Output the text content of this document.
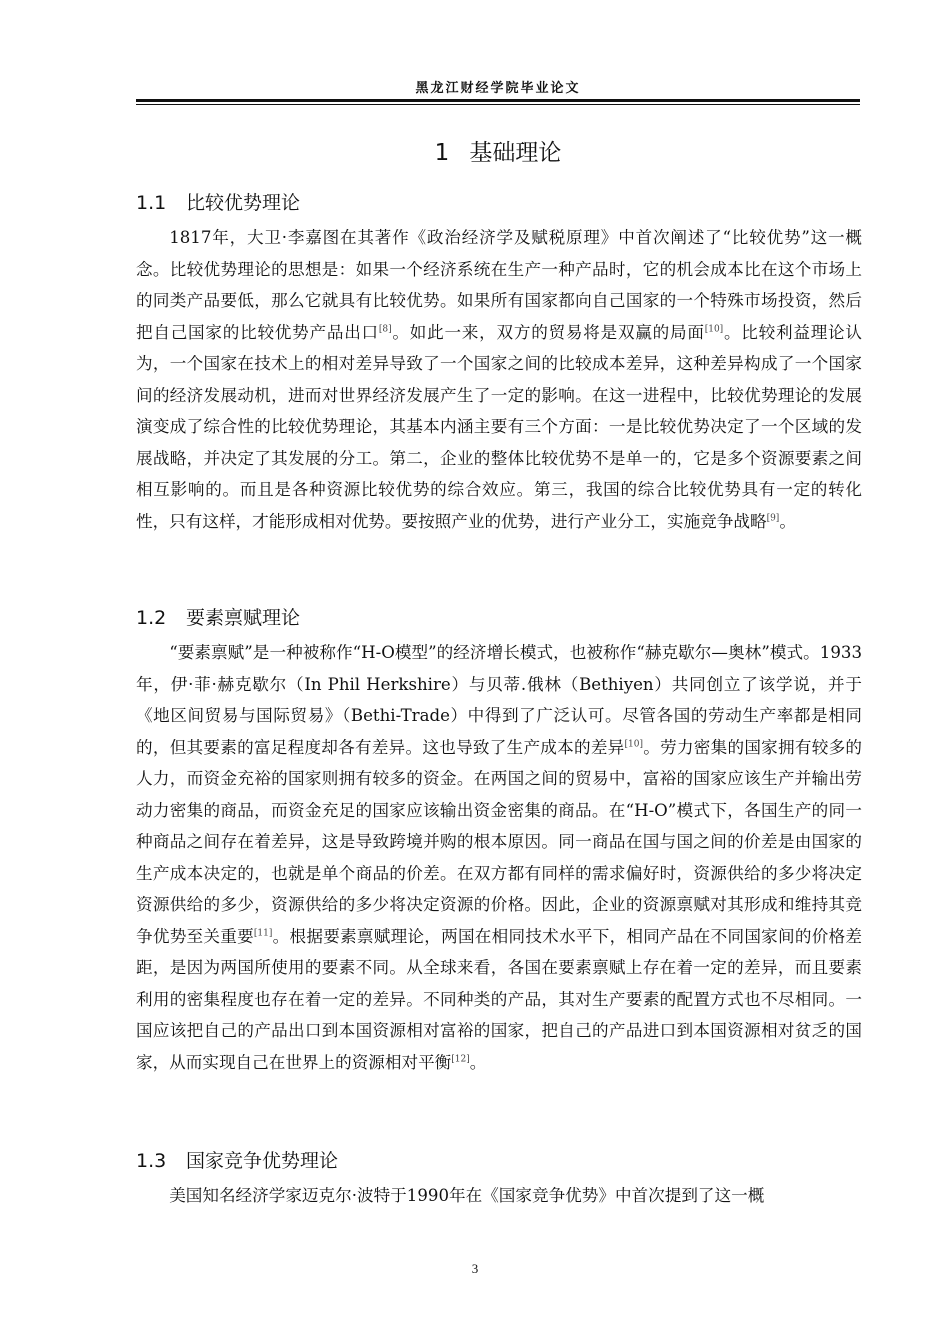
黑龙江财经学院毕业论文
1 基础理论
1.1 比较优势理论

1817年，大卫·李嘉图在其著作《政治经济学及赋税原理》中首次阐述了“比较优势”这一概念。比较优势理论的思想是：如果一个经济系统在生产一种产品时，它的机会成本比在这个市场上的同类产品要低，那么它就具有比较优势。如果所有国家都向自己国家的一个特殊市场投资，然后把自己国家的比较优势产品出口[8]。如此一来，双方的贸易将是双赢的局面[10]。比较利益理论认为，一个国家在技术上的相对差异导致了一个国家之间的比较成本差异，这种差异构成了一个国家间的经济发展动机，进而对世界经济发展产生了一定的影响。在这一进程中，比较优势理论的发展演变成了综合性的比较优势理论，其基本内涵主要有三个方面：一是比较优势决定了一个区域的发展战略，并决定了其发展的分工。第二，企业的整体比较优势不是单一的，它是多个资源要素之间相互影响的。而且是各种资源比较优势的综合效应。第三，我国的综合比较优势具有一定的转化性，只有这样，才能形成相对优势。要按照产业的优势，进行产业分工，实施竞争战略[9]。

1.2 要素禀赋理论

“要素禀赋”是一种被称作“H-O模型”的经济增长模式，也被称作“赫克歇尔—奥林”模式。1933年，伊·菲·赫克歇尔（In Phil Herkshire）与贝蒂.俄林（Bethiyen）共同创立了该学说，并于《地区间贸易与国际贸易》（Bethi-Trade）中得到了广泛认可。尽管各国的劳动生产率都是相同的，但其要素的富足程度却各有差异。这也导致了生产成本的差异[10]。劳力密集的国家拥有较多的人力，而资金充裕的国家则拥有较多的资金。在两国之间的贸易中，富裕的国家应该生产并输出劳动力密集的商品，而资金充足的国家应该输出资金密集的商品。在“H-O”模式下，各国生产的同一种商品之间存在着差异，这是导致跨境并购的根本原因。同一商品在国与国之间的价差是由国家的生产成本决定的，也就是单个商品的价差。在双方都有同样的需求偏好时，资源供给的多少将决定资源供给的多少，资源供给的多少将决定资源的价格。因此，企业的资源禀赋对其形成和维持其竞争优势至关重要[11]。根据要素禀赋理论，两国在相同技术水平下，相同产品在不同国家间的价格差距，是因为两国所使用的要素不同。从全球来看，各国在要素禀赋上存在着一定的差异，而且要素利用的密集程度也存在着一定的差异。不同种类的产品，其对生产要素的配置方式也不尽相同。一国应该把自己的产品出口到本国资源相对富裕的国家，把自己的产品进口到本国资源相对贫乏的国家，从而实现自己在世界上的资源相对平衡[12]。

1.3 国家竞争优势理论

美国知名经济学家迈克尔·波特于1990年在《国家竞争优势》中首次提到了这一概

3
